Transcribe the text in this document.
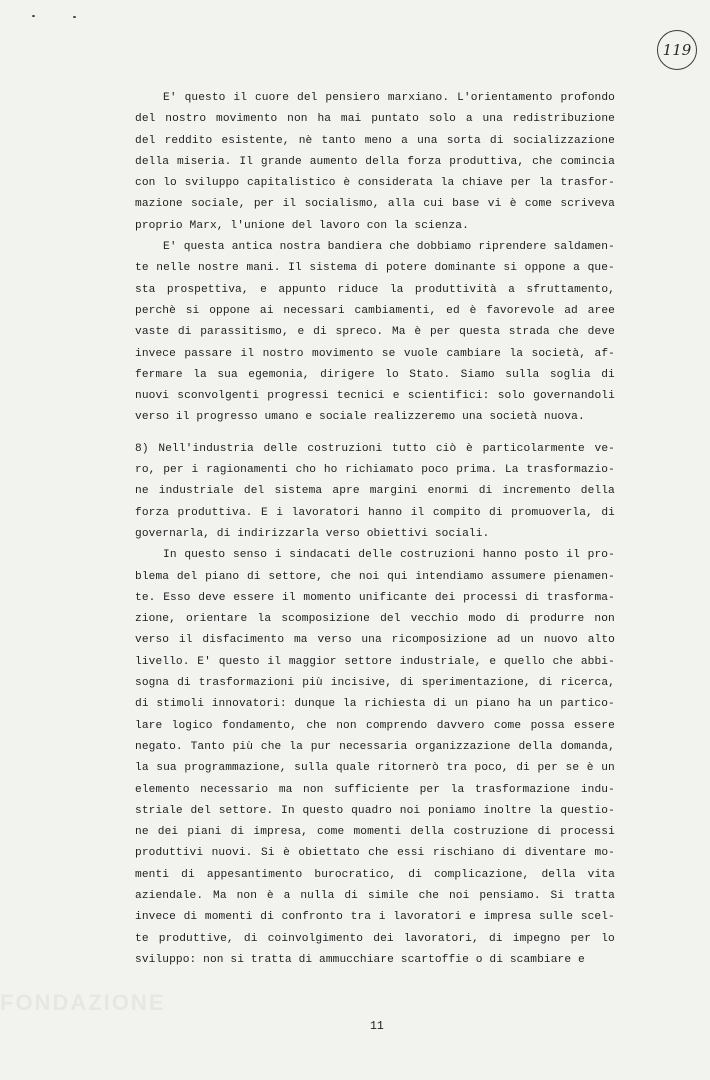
FONDAZIONE
119
E' questo il cuore del pensiero marxiano. L'orientamento profondo
del nostro movimento non ha mai puntato solo a una redistribuzione
del reddito esistente, nè tanto meno a una sorta di socializzazione
della miseria. Il grande aumento della forza produttiva, che comincia
con lo sviluppo capitalistico è considerata la chiave per la trasfor-
mazione sociale, per il socialismo, alla cui base vi è come scriveva
proprio Marx, l'unione del lavoro con la scienza.
E' questa antica nostra bandiera che dobbiamo riprendere saldamen-
te nelle nostre mani. Il sistema di potere dominante si oppone a que-
sta prospettiva, e appunto riduce la produttività a sfruttamento,
perchè si oppone ai necessari cambiamenti, ed è favorevole ad aree
vaste di parassitismo, e di spreco. Ma è per questa strada che deve
invece passare il nostro movimento se vuole cambiare la società, af-
fermare la sua egemonia, dirigere lo Stato. Siamo sulla soglia di
nuovi sconvolgenti progressi tecnici e scientifici: solo governandoli
verso il progresso umano e sociale realizzeremo una società nuova.
8) Nell'industria delle costruzioni tutto ciò è particolarmente ve-
ro, per i ragionamenti cho ho richiamato poco prima. La trasformazio-
ne industriale del sistema apre margini enormi di incremento della
forza produttiva. E i lavoratori hanno il compito di promuoverla, di
governarla, di indirizzarla verso obiettivi sociali.
In questo senso i sindacati delle costruzioni hanno posto il pro-
blema del piano di settore, che noi qui intendiamo assumere pienamen-
te. Esso deve essere il momento unificante dei processi di trasforma-
zione, orientare la scomposizione del vecchio modo di produrre non
verso il disfacimento ma verso una ricomposizione ad un nuovo alto
livello. E' questo il maggior settore industriale, e quello che abbi-
sogna di trasformazioni più incisive, di sperimentazione, di ricerca,
di stimoli innovatori: dunque la richiesta di un piano ha un partico-
lare logico fondamento, che non comprendo davvero come possa essere
negato. Tanto più che la pur necessaria organizzazione della domanda,
la sua programmazione, sulla quale ritornerò tra poco, di per se è un
elemento necessario ma non sufficiente per la trasformazione indu-
striale del settore. In questo quadro noi poniamo inoltre la questio-
ne dei piani di impresa, come momenti della costruzione di processi
produttivi nuovi. Si è obiettato che essi rischiano di diventare mo-
menti di appesantimento burocratico, di complicazione, della vita
aziendale. Ma non è a nulla di simile che noi pensiamo. Si tratta
invece di momenti di confronto tra i lavoratori e impresa sulle scel-
te produttive, di coinvolgimento dei lavoratori, di impegno per lo
sviluppo: non si tratta di ammucchiare scartoffie o di scambiare e
11
